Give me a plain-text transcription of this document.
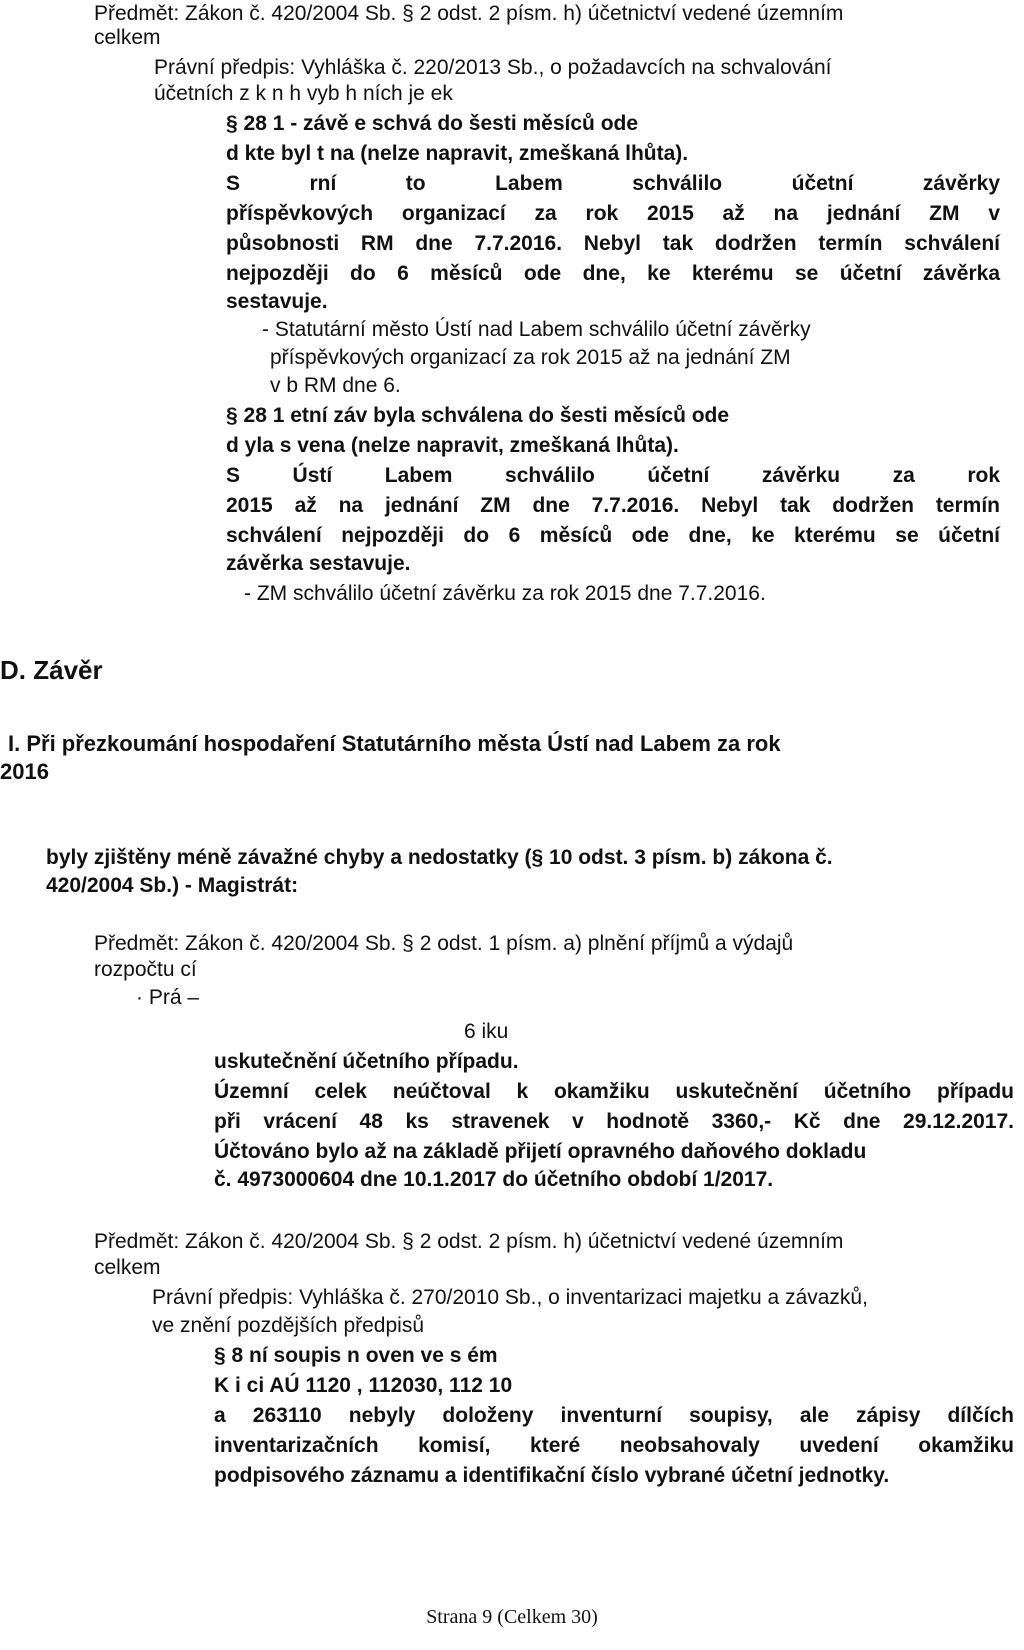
Předmět: Zákon č. 420/2004 Sb. § 2 odst. 2 písm. h) účetnictví vedené územním
celkem
Právní předpis: Vyhláška č. 220/2013 Sb., o požadavcích na schvalování
účetních z k n h vyb h ních je ek
§ 28 1 - závě e schvá do šesti měsíců ode
d kte byl t na (nelze napravit, zmeškaná lhůta).
S rní to Labem schválilo účetní závěrky
příspěvkových organizací za rok 2015 až na jednání ZM v
působnosti RM dne 7.7.2016. Nebyl tak dodržen termín schválení
nejpozději do 6 měsíců ode dne, ke kterému se účetní závěrka
sestavuje.
- Statutární město Ústí nad Labem schválilo účetní závěrky
příspěvkových organizací za rok 2015 až na jednání ZM
v b RM dne 6.
§ 28 1 etní záv byla schválena do šesti měsíců ode
d yla s vena (nelze napravit, zmeškaná lhůta).
S Ústí Labem schválilo účetní závěrku za rok
2015 až na jednání ZM dne 7.7.2016. Nebyl tak dodržen termín
schválení nejpozději do 6 měsíců ode dne, ke kterému se účetní
závěrka sestavuje.
- ZM schválilo účetní závěrku za rok 2015 dne 7.7.2016.
D. Závěr
I. Při přezkoumání hospodaření Statutárního města Ústí nad Labem za rok
2016
byly zjištěny méně závažné chyby a nedostatky (§ 10 odst. 3 písm. b) zákona č.
420/2004 Sb.) - Magistrát:
Předmět: Zákon č. 420/2004 Sb. § 2 odst. 1 písm. a) plnění příjmů a výdajů
rozpočtu cí
· Prá –
6 iku
uskutečnění účetního případu.
Územní celek neúčtoval k okamžiku uskutečnění účetního případu
při vrácení 48 ks stravenek v hodnotě 3360,- Kč dne 29.12.2017.
Účtováno bylo až na základě přijetí opravného daňového dokladu
č. 4973000604 dne 10.1.2017 do účetního období 1/2017.
Předmět: Zákon č. 420/2004 Sb. § 2 odst. 2 písm. h) účetnictví vedené územním
celkem
Právní předpis: Vyhláška č. 270/2010 Sb., o inventarizaci majetku a závazků,
ve znění pozdějších předpisů
§ 8 ní soupis n oven ve s ém
K i ci AÚ 1120 , 112030, 112 10
a 263110 nebyly doloženy inventurní soupisy, ale zápisy dílčích
inventarizačních komisí, které neobsahovaly uvedení okamžiku
podpisového záznamu a identifikační číslo vybrané účetní jednotky.
Strana 9 (Celkem 30)
